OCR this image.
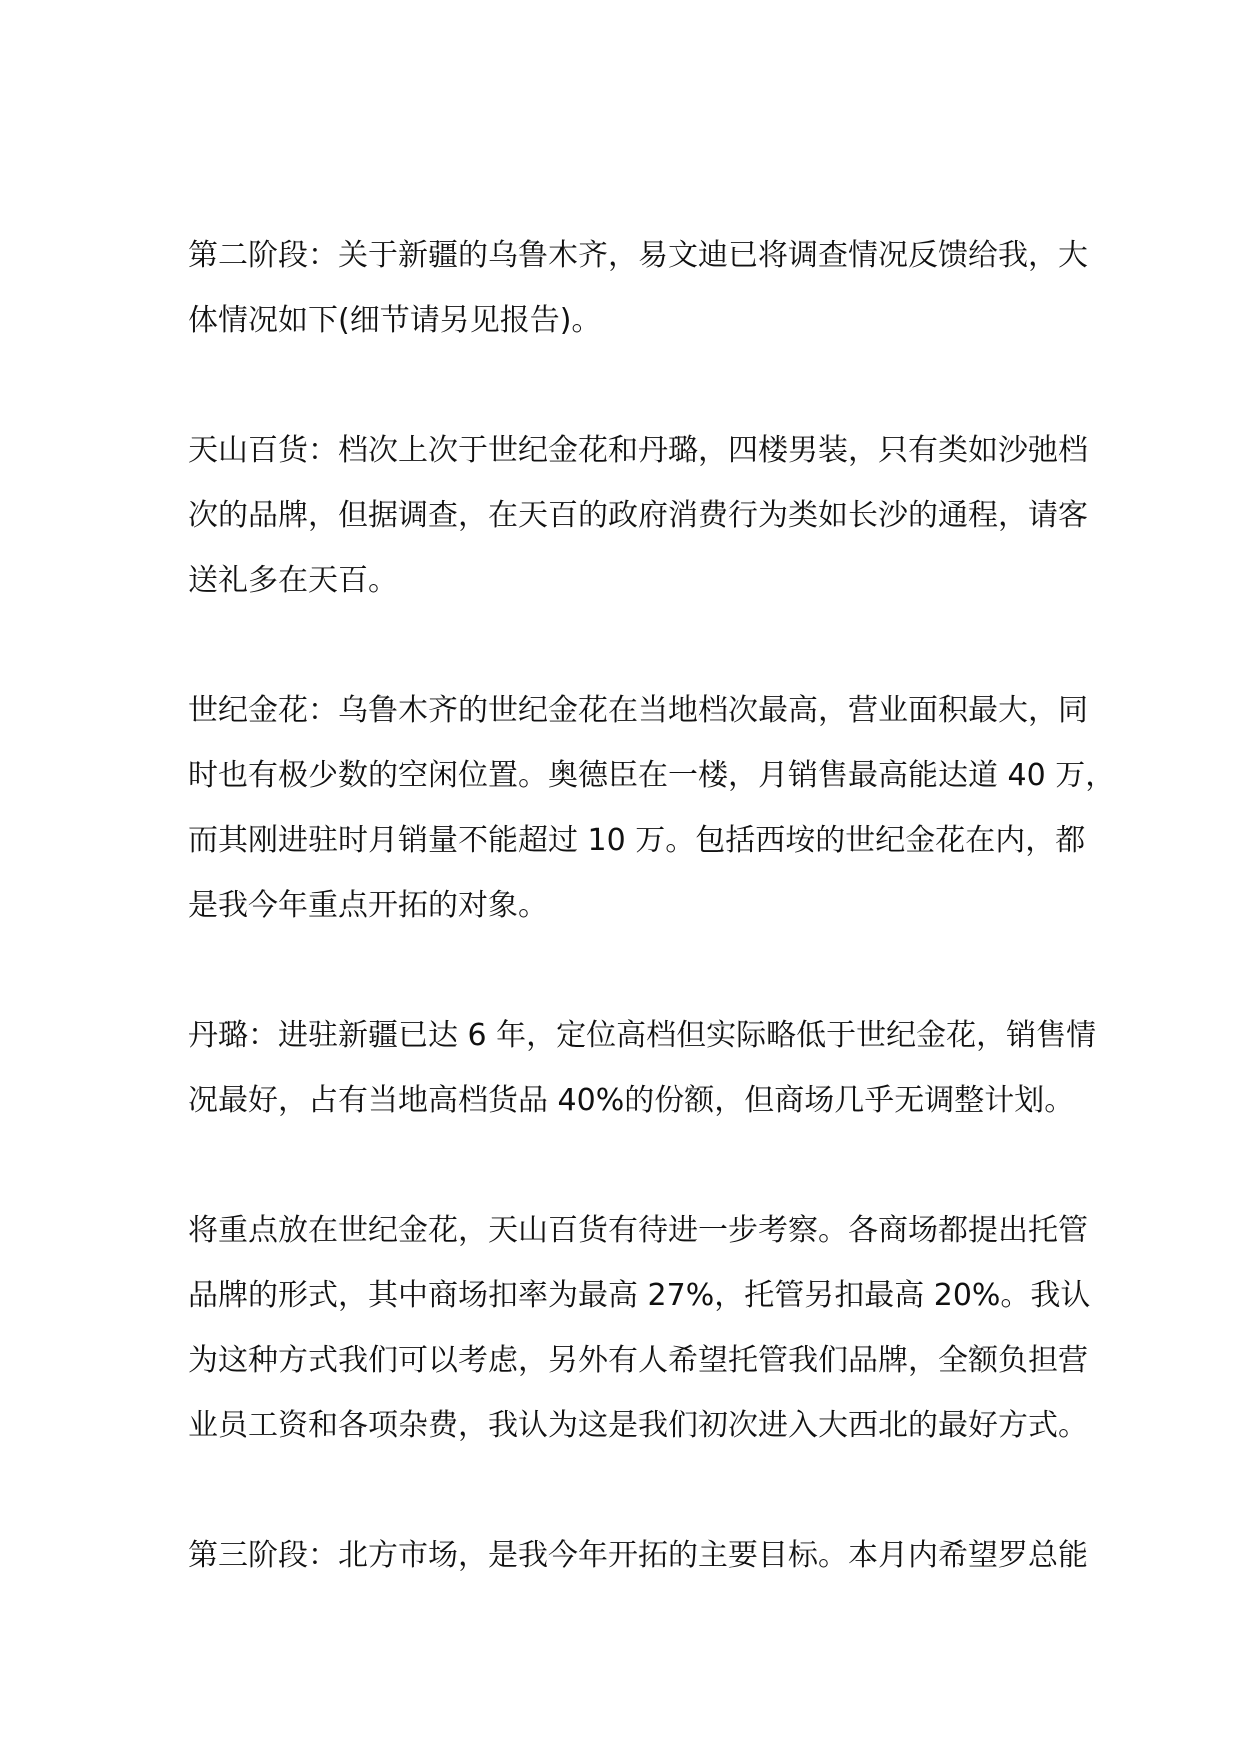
第二阶段：关于新疆的乌鲁木齐，易文迪已将调查情况反馈给我，大
体情况如下(细节请另见报告)。

天山百货：档次上次于世纪金花和丹璐，四楼男装，只有类如沙弛档
次的品牌，但据调查，在天百的政府消费行为类如长沙的通程，请客
送礼多在天百。

世纪金花：乌鲁木齐的世纪金花在当地档次最高，营业面积最大，同
时也有极少数的空闲位置。奥德臣在一楼，月销售最高能达道 40 万，
而其刚进驻时月销量不能超过 10 万。包括西垵的世纪金花在内，都
是我今年重点开拓的对象。

丹璐：进驻新疆已达 6 年，定位高档但实际略低于世纪金花，销售情
况最好，占有当地高档货品 40%的份额，但商场几乎无调整计划。

将重点放在世纪金花，天山百货有待进一步考察。各商场都提出托管
品牌的形式，其中商场扣率为最高 27%，托管另扣最高 20%。我认
为这种方式我们可以考虑，另外有人希望托管我们品牌，全额负担营
业员工资和各项杂费，我认为这是我们初次进入大西北的最好方式。

第三阶段：北方市场，是我今年开拓的主要目标。本月内希望罗总能
